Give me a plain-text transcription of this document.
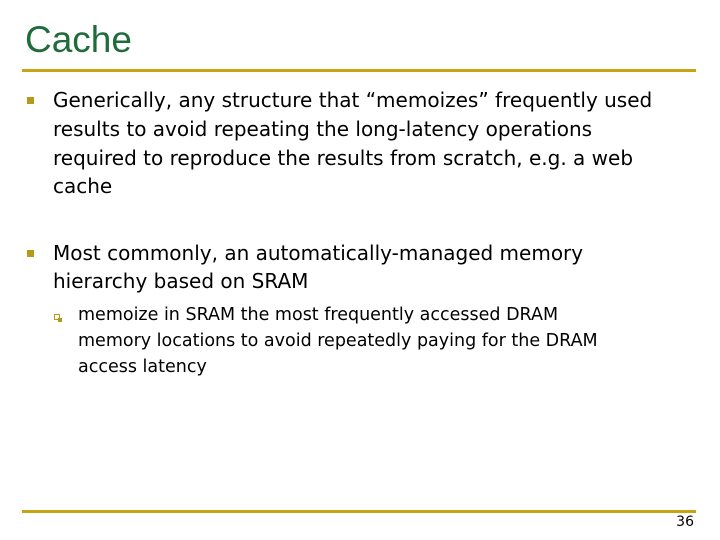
Cache
Generically, any structure that “memoizes” frequently used
results to avoid repeating the long-latency operations
required to reproduce the results from scratch, e.g. a web
cache
Most commonly, an automatically-managed memory
hierarchy based on SRAM
memoize in SRAM the most frequently accessed DRAM
memory locations to avoid repeatedly paying for the DRAM
access latency
36
